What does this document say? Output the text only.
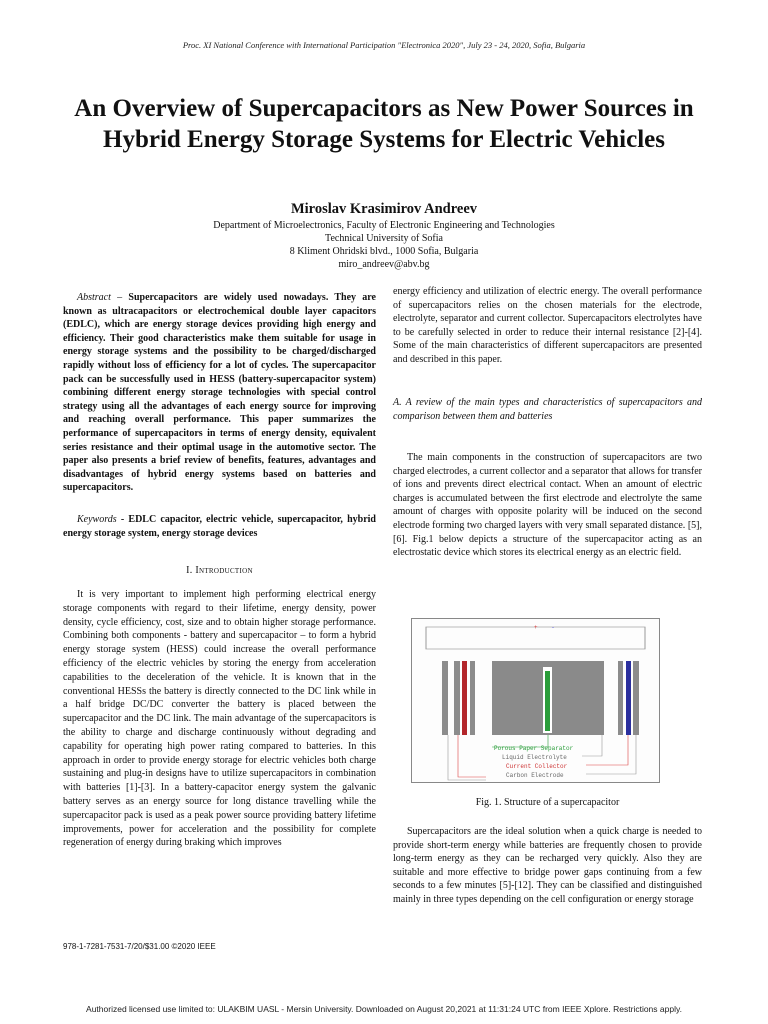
Proc. XI National Conference with International Participation "Electronica 2020", July 23 - 24, 2020, Sofia, Bulgaria
An Overview of Supercapacitors as New Power Sources in Hybrid Energy Storage Systems for Electric Vehicles
Miroslav Krasimirov Andreev
Department of Microelectronics, Faculty of Electronic Engineering and Technologies
Technical University of Sofia
8 Kliment Ohridski blvd., 1000 Sofia, Bulgaria
miro_andreev@abv.bg

Abstract – Supercapacitors are widely used nowadays. They are known as ultracapacitors or electrochemical double layer capacitors (EDLC), which are energy storage devices providing high energy and efficiency. Their good characteristics make them suitable for usage in energy storage systems and the possibility to be charged/discharged rapidly without loss of efficiency for a lot of cycles. The supercapacitor pack can be successfully used in HESS (battery-supercapacitor system) combining different energy storage technologies with special control strategy using all the advantages of each energy source for improving and reaching overall performance. This paper summarizes the performance of supercapacitors in terms of energy density, equivalent series resistance and their optimal usage in the automotive sector. The paper also presents a brief review of benefits, features, advantages and disadvantages of hybrid energy systems based on batteries and supercapacitors.

Keywords - EDLC capacitor, electric vehicle, supercapacitor, hybrid energy storage system, energy storage devices

I. Introduction

It is very important to implement high performing electrical energy storage components with regard to their lifetime, energy density, power density, cycle efficiency, cost, size and to obtain higher storage performance. Combining both components - battery and supercapacitor – to form a hybrid energy storage system (HESS) could increase the overall performance efficiency of the electric vehicles by storing the energy from acceleration capabilities to the deceleration of the vehicle. It is known that in the conventional HESSs the battery is directly connected to the DC link while in a half bridge DC/DC converter the battery is placed between the supercapacitor and the DC link. The main advantage of the supercapacitors is the ability to charge and discharge continuously without degrading and capability for operating high power rating compared to batteries. In this approach in order to provide energy storage for electric vehicles both charge sustaining and plug-in designs have to utilize supercapacitors in combination with batteries [1]-[3]. In a battery-capacitor energy system the galvanic battery serves as an energy source for long distance travelling while the supercapacitor pack is used as a peak power source providing battery lifetime improvements, power for acceleration and the possibility for complete regeneration of energy during braking which improves

978-1-7281-7531-7/20/$31.00 ©2020 IEEE

energy efficiency and utilization of electric energy. The overall performance of supercapacitors relies on the chosen materials for the electrode, electrolyte, separator and current collector. Supercapacitors electrolytes have to be carefully selected in order to reduce their internal resistance [2]-[4]. Some of the main characteristics of different supercapacitors are presented and described in this paper.

A. A review of the main types and characteristics of supercapacitors and comparison between them and batteries

The main components in the construction of supercapacitors are two charged electrodes, a current collector and a separator that allows for transfer of ions and prevents direct electrical contact. When an amount of electric charges is accumulated between the first electrode and electrolyte the same amount of charges with opposite polarity will be induced on the second electrode forming two charged layers with very small separated distance. [5], [6]. Fig.1 below depicts a structure of the supercapacitor acting as an electrostatic device which stores its electrical energy as an electric field.

+ -
Porous Paper Separator
Liquid Electrolyte
Current Collector
Carbon Electrode
Fig. 1. Structure of a supercapacitor

Supercapacitors are the ideal solution when a quick charge is needed to provide short-term energy while batteries are frequently chosen to provide long-term energy as they can be recharged very quickly. Also they are suitable and more effective to bridge power gaps continuing from a few seconds to a few minutes [5]-[12]. They can be classified and distinguished mainly in three types depending on the cell configuration or energy storage

Authorized licensed use limited to: ULAKBIM UASL - Mersin University. Downloaded on August 20,2021 at 11:31:24 UTC from IEEE Xplore. Restrictions apply.
